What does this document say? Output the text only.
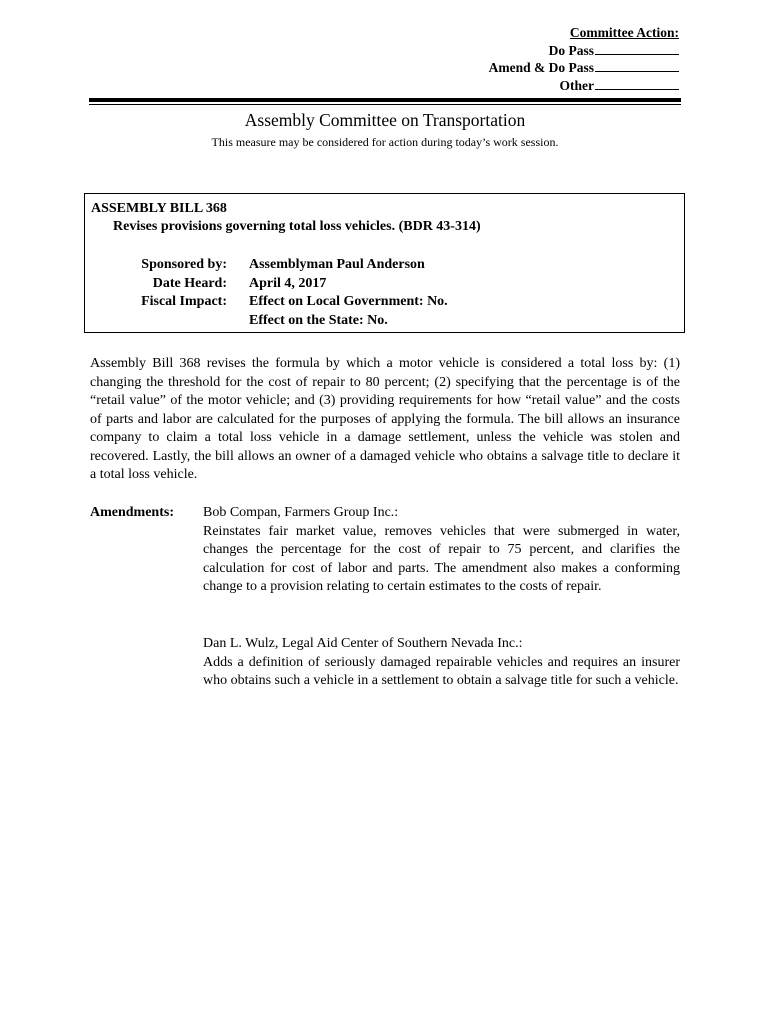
Committee Action:
Do Pass
Amend & Do Pass
Other
Assembly Committee on Transportation
This measure may be considered for action during today’s work session.
ASSEMBLY BILL 368
Revises provisions governing total loss vehicles. (BDR 43-314)
Sponsored by:
Date Heard:
Fiscal Impact:
Assemblyman Paul Anderson
April 4, 2017
Effect on Local Government: No.
Effect on the State: No.

Assembly Bill 368 revises the formula by which a motor vehicle is considered a total loss by: (1) changing the threshold for the cost of repair to 80 percent; (2) specifying that the percentage is of the “retail value” of the motor vehicle; and (3) providing requirements for how “retail value” and the costs of parts and labor are calculated for the purposes of applying the formula. The bill allows an insurance company to claim a total loss vehicle in a damage settlement, unless the vehicle was stolen and recovered. Lastly, the bill allows an owner of a damaged vehicle who obtains a salvage title to declare it a total loss vehicle.

Amendments: Bob Compan, Farmers Group Inc.:

Reinstates fair market value, removes vehicles that were submerged in water, changes the percentage for the cost of repair to 75 percent, and clarifies the calculation for cost of labor and parts. The amendment also makes a conforming change to a provision relating to certain estimates to the costs of repair.

Dan L. Wulz, Legal Aid Center of Southern Nevada Inc.:

Adds a definition of seriously damaged repairable vehicles and requires an insurer who obtains such a vehicle in a settlement to obtain a salvage title for such a vehicle.
